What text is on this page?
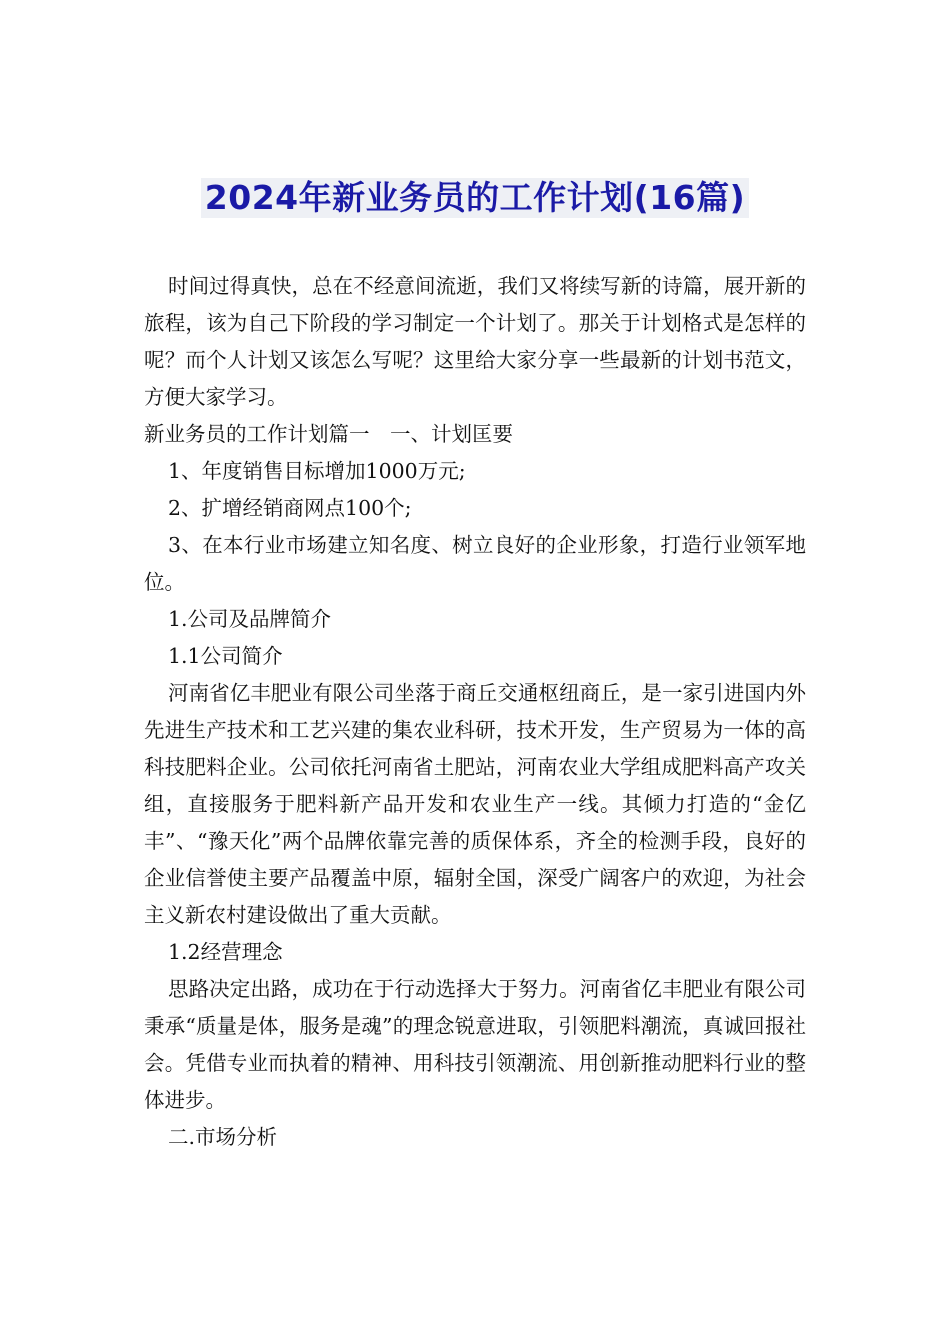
2024年新业务员的工作计划(16篇)

时间过得真快，总在不经意间流逝，我们又将续写新的诗篇，展开新的旅程，该为自己下阶段的学习制定一个计划了。那关于计划格式是怎样的呢？而个人计划又该怎么写呢？这里给大家分享一些最新的计划书范文，方便大家学习。

新业务员的工作计划篇一　一、计划匡要

1、年度销售目标增加1000万元;

2、扩增经销商网点100个;

3、在本行业市场建立知名度、树立良好的企业形象，打造行业领军地位。

1.公司及品牌简介

1.1公司简介

河南省亿丰肥业有限公司坐落于商丘交通枢纽商丘，是一家引进国内外先进生产技术和工艺兴建的集农业科研，技术开发，生产贸易为一体的高科技肥料企业。公司依托河南省土肥站，河南农业大学组成肥料高产攻关组，直接服务于肥料新产品开发和农业生产一线。其倾力打造的“金亿丰”、“豫天化”两个品牌依靠完善的质保体系，齐全的检测手段，良好的企业信誉使主要产品覆盖中原，辐射全国，深受广阔客户的欢迎，为社会主义新农村建设做出了重大贡献。

1.2经营理念

思路决定出路，成功在于行动选择大于努力。河南省亿丰肥业有限公司秉承“质量是体，服务是魂”的理念锐意进取，引领肥料潮流，真诚回报社会。凭借专业而执着的精神、用科技引领潮流、用创新推动肥料行业的整体进步。

二.市场分析
